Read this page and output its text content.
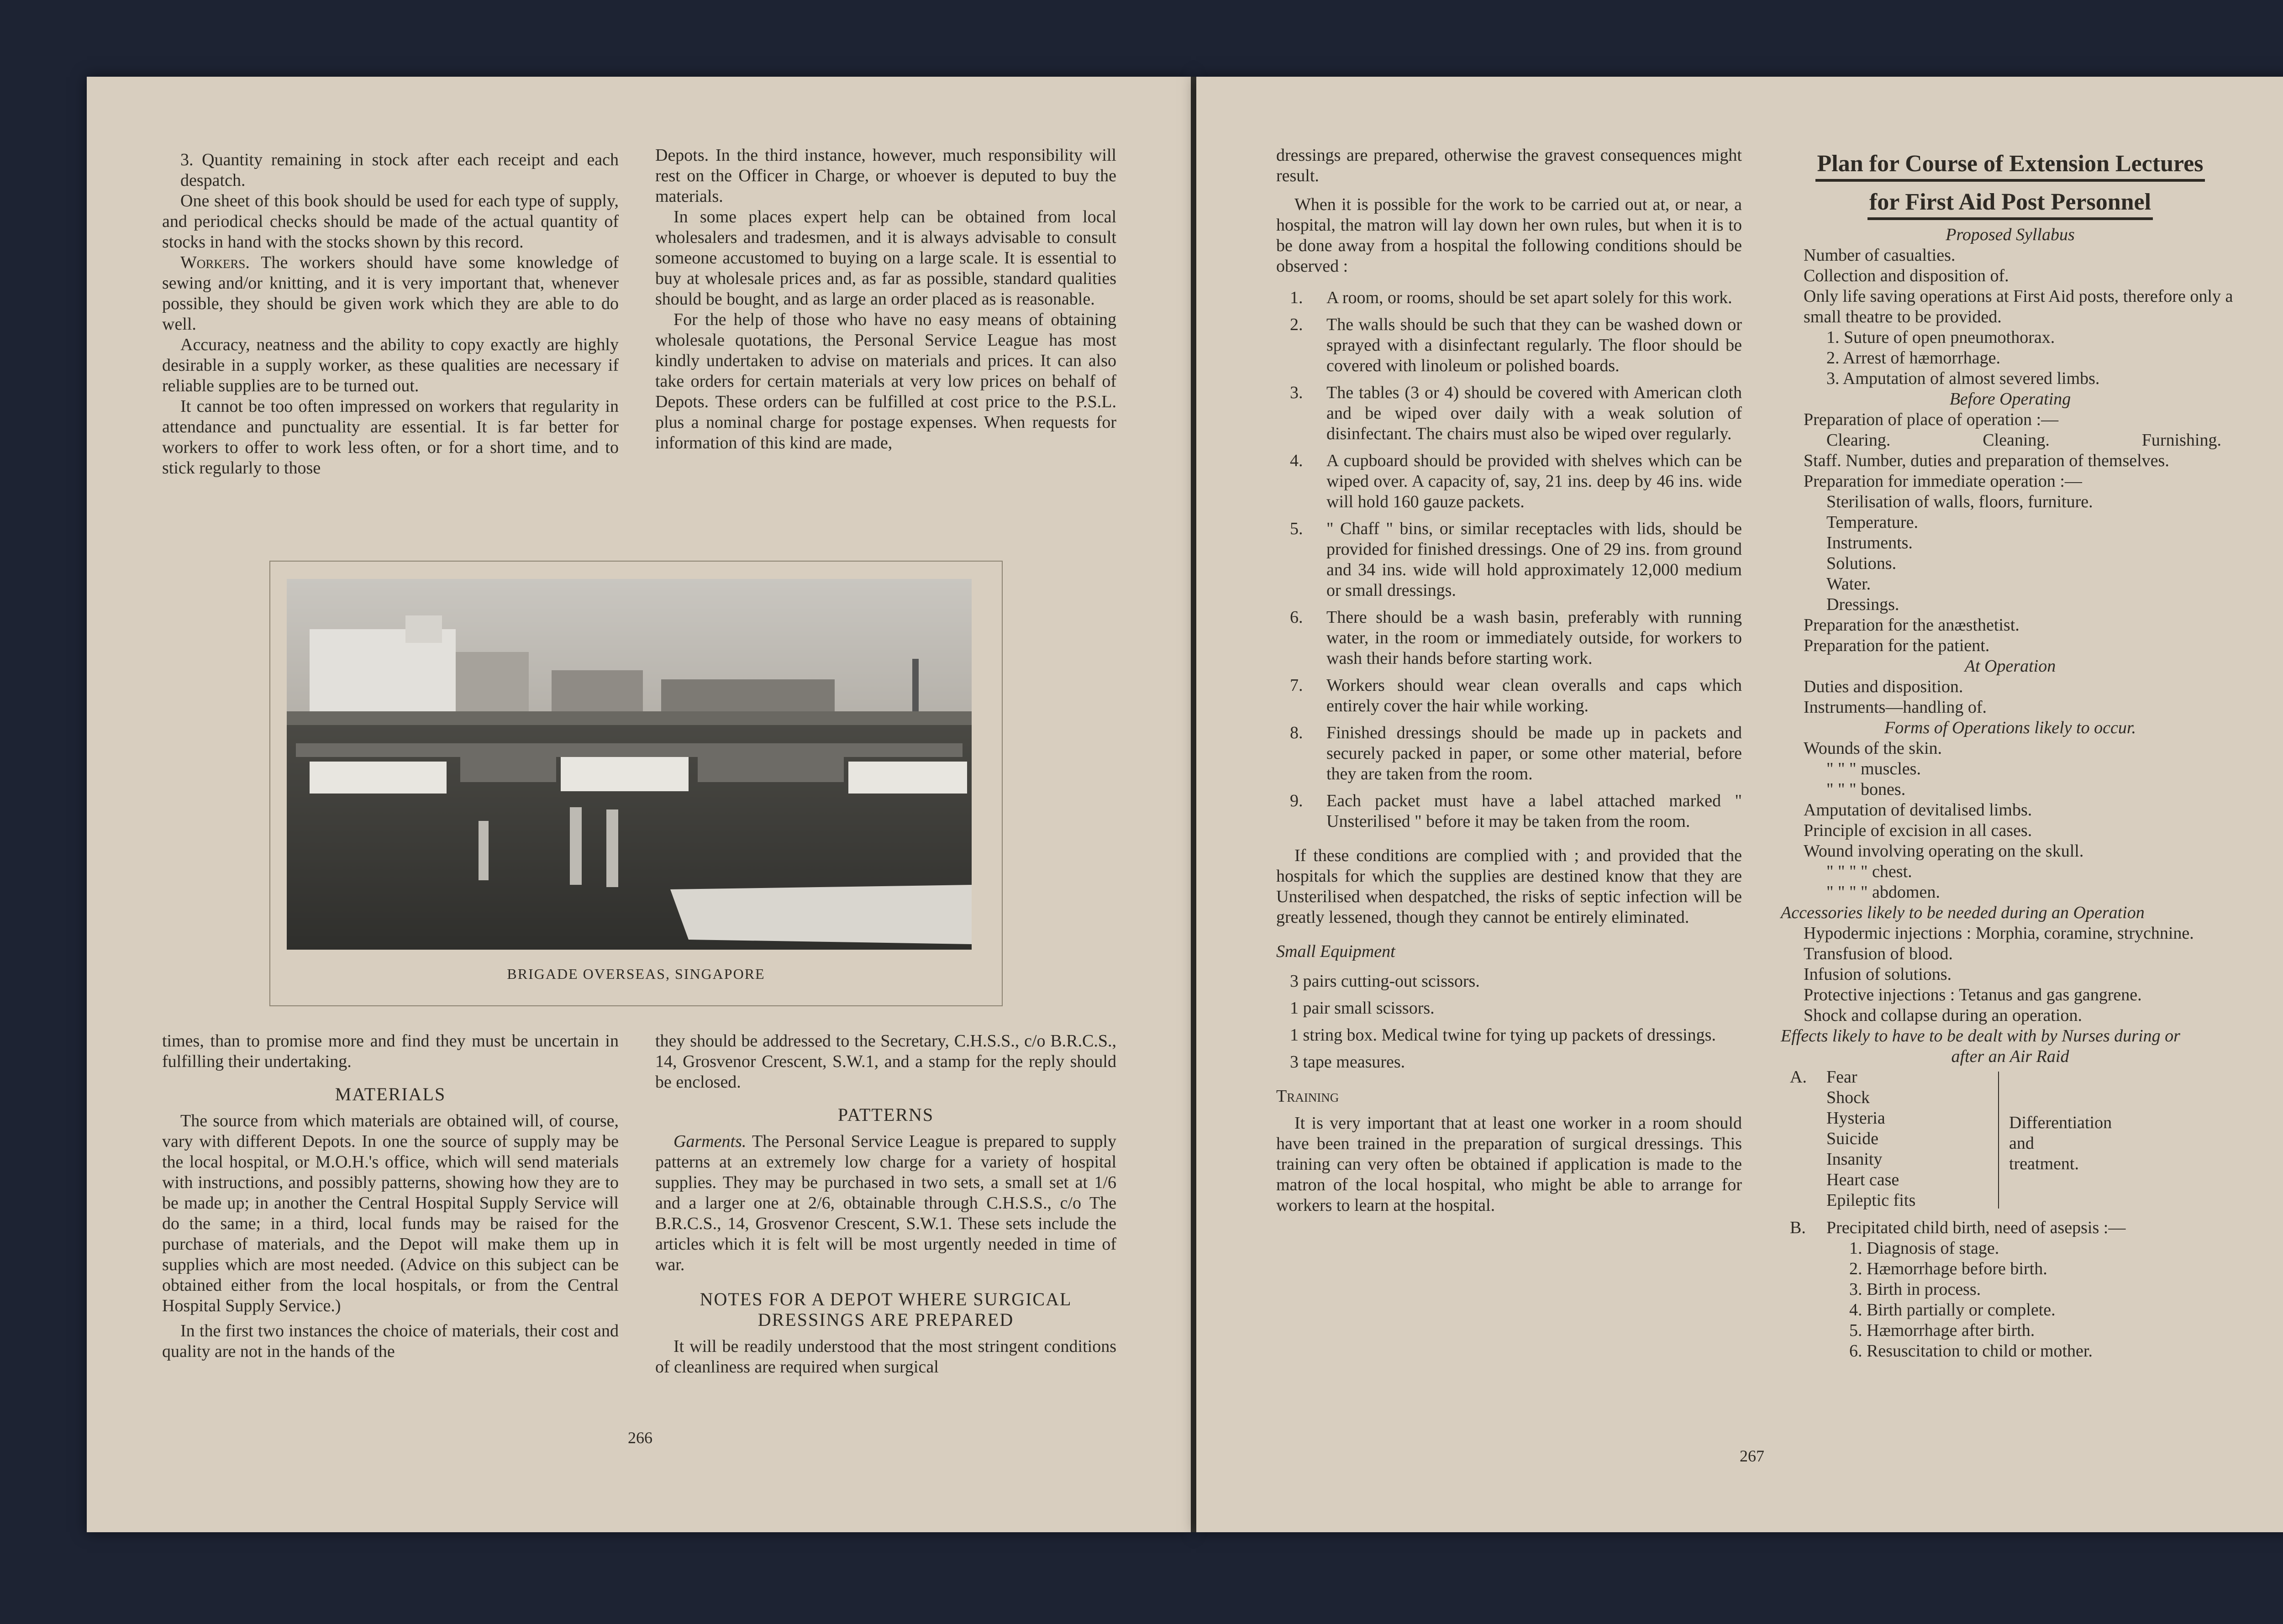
3. Quantity remaining in stock after each receipt and each despatch.

One sheet of this book should be used for each type of supply, and periodical checks should be made of the actual quantity of stocks in hand with the stocks shown by this record.

Workers. The workers should have some knowledge of sewing and/or knitting, and it is very important that, whenever possible, they should be given work which they are able to do well.

Accuracy, neatness and the ability to copy exactly are highly desirable in a supply worker, as these qualities are necessary if reliable supplies are to be turned out.

It cannot be too often impressed on workers that regularity in attendance and punctuality are essential. It is far better for workers to offer to work less often, or for a short time, and to stick regularly to those

Depots. In the third instance, however, much responsibility will rest on the Officer in Charge, or whoever is deputed to buy the materials.

In some places expert help can be obtained from local wholesalers and tradesmen, and it is always advisable to consult someone accustomed to buying on a large scale. It is essential to buy at wholesale prices and, as far as possible, standard qualities should be bought, and as large an order placed as is reasonable.

For the help of those who have no easy means of obtaining wholesale quotations, the Personal Service League has most kindly undertaken to advise on materials and prices. It can also take orders for certain materials at very low prices on behalf of Depots. These orders can be fulfilled at cost price to the P.S.L. plus a nominal charge for postage expenses. When requests for information of this kind are made,

BRIGADE OVERSEAS, SINGAPORE

times, than to promise more and find they must be uncertain in fulfilling their undertaking.

MATERIALS

The source from which materials are obtained will, of course, vary with different Depots. In one the source of supply may be the local hospital, or M.O.H.'s office, which will send materials with instructions, and possibly patterns, showing how they are to be made up; in another the Central Hospital Supply Service will do the same; in a third, local funds may be raised for the purchase of materials, and the Depot will make them up in supplies which are most needed. (Advice on this subject can be obtained either from the local hospitals, or from the Central Hospital Supply Service.)

In the first two instances the choice of materials, their cost and quality are not in the hands of the

they should be addressed to the Secretary, C.H.S.S., c/o B.R.C.S., 14, Grosvenor Crescent, S.W.1, and a stamp for the reply should be enclosed.

PATTERNS

Garments. The Personal Service League is prepared to supply patterns at an extremely low charge for a variety of hospital supplies. They may be purchased in two sets, a small set at 1/6 and a larger one at 2/6, obtainable through C.H.S.S., c/o The B.R.C.S., 14, Grosvenor Crescent, S.W.1. These sets include the articles which it is felt will be most urgently needed in time of war.

NOTES FOR A DEPOT WHERE SURGICAL DRESSINGS ARE PREPARED

It will be readily understood that the most stringent conditions of cleanliness are required when surgical

266

dressings are prepared, otherwise the gravest consequences might result.

When it is possible for the work to be carried out at, or near, a hospital, the matron will lay down her own rules, but when it is to be done away from a hospital the following conditions should be observed :

1. A room, or rooms, should be set apart solely for this work.
2. The walls should be such that they can be washed down or sprayed with a disinfectant regularly. The floor should be covered with linoleum or polished boards.
3. The tables (3 or 4) should be covered with American cloth and be wiped over daily with a weak solution of disinfectant. The chairs must also be wiped over regularly.
4. A cupboard should be provided with shelves which can be wiped over. A capacity of, say, 21 ins. deep by 46 ins. wide will hold 160 gauze packets.
5. " Chaff " bins, or similar receptacles with lids, should be provided for finished dressings. One of 29 ins. from ground and 34 ins. wide will hold approximately 12,000 medium or small dressings.
6. There should be a wash basin, preferably with running water, in the room or immediately outside, for workers to wash their hands before starting work.
7. Workers should wear clean overalls and caps which entirely cover the hair while working.
8. Finished dressings should be made up in packets and securely packed in paper, or some other material, before they are taken from the room.
9. Each packet must have a label attached marked " Unsterilised " before it may be taken from the room.

If these conditions are complied with ; and provided that the hospitals for which the supplies are destined know that they are Unsterilised when despatched, the risks of septic infection will be greatly lessened, though they cannot be entirely eliminated.

Small Equipment

3 pairs cutting-out scissors.
1 pair small scissors.
1 string box. Medical twine for tying up packets of dressings.
3 tape measures.

Training

It is very important that at least one worker in a room should have been trained in the preparation of surgical dressings. This training can very often be obtained if application is made to the matron of the local hospital, who might be able to arrange for workers to learn at the hospital.

Plan for Course of Extension Lectures
for First Aid Post Personnel
Proposed Syllabus
Number of casualties.
Collection and disposition of.
Only life saving operations at First Aid posts, therefore only a small theatre to be provided.
1. Suture of open pneumothorax.
2. Arrest of hæmorrhage.
3. Amputation of almost severed limbs.
Before Operating
Preparation of place of operation :—
Clearing.	Cleaning.	Furnishing.
Staff. Number, duties and preparation of themselves.
Preparation for immediate operation :—
Sterilisation of walls, floors, furniture.
Temperature.
Instruments.
Solutions.
Water.
Dressings.
Preparation for the anæsthetist.
Preparation for the patient.
At Operation
Duties and disposition.
Instruments—handling of.
Forms of Operations likely to occur.
Wounds of the skin.
" " " muscles.
" " " bones.
Amputation of devitalised limbs.
Principle of excision in all cases.
Wound involving operating on the skull.
" " " " chest.
" " " " abdomen.
Accessories likely to be needed during an Operation
Hypodermic injections : Morphia, coramine, strychnine.
Transfusion of blood.
Infusion of solutions.
Protective injections : Tetanus and gas gangrene.
Shock and collapse during an operation.
Effects likely to have to be dealt with by Nurses during or
after an Air Raid
A. Fear
Shock
Hysteria
Suicide
Insanity
Heart case
Epileptic fits
Differentiation
and
treatment.
B. Precipitated child birth, need of asepsis :—
1. Diagnosis of stage.
2. Hæmorrhage before birth.
3. Birth in process.
4. Birth partially or complete.
5. Hæmorrhage after birth.
6. Resuscitation to child or mother.
267
